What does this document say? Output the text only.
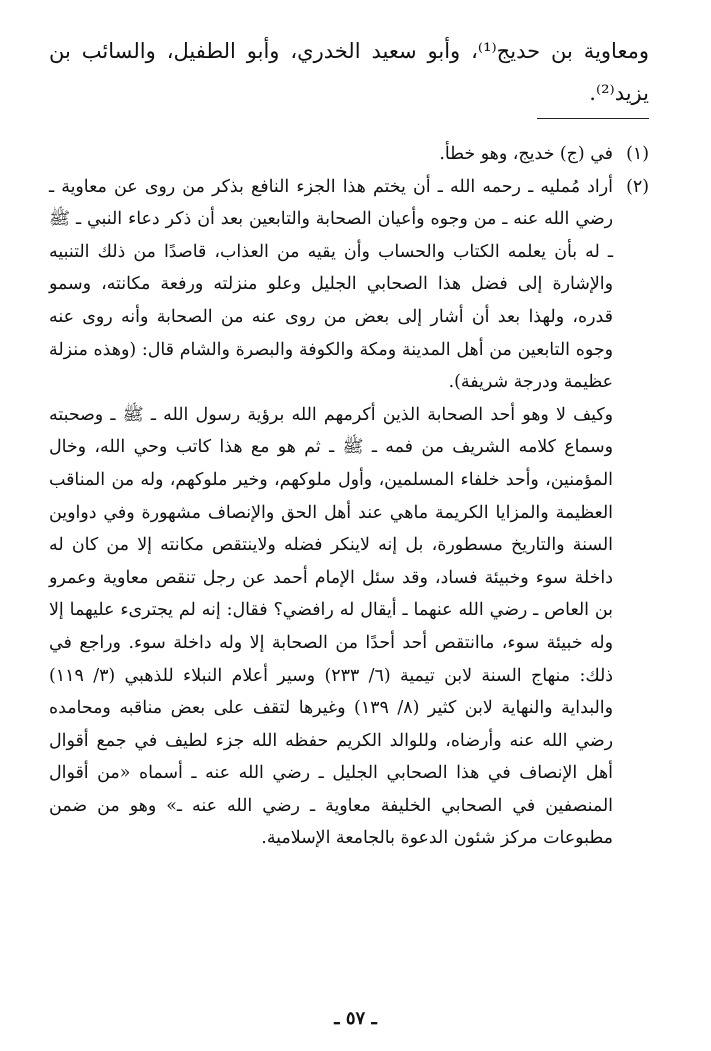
ومعاوية بن حديج⁽¹⁾، وأبو سعيد الخدري، وأبو الطفيل، والسائب بن يزيد⁽²⁾.

(١)

في (ج) خديج، وهو خطأ.

(٢)

أراد مُمليه ـ رحمه الله ـ أن يختم هذا الجزء النافع بذكر من روى عن معاوية ـ رضي الله عنه ـ من وجوه وأعيان الصحابة والتابعين بعد أن ذكر دعاء النبي ـ ﷺ ـ له بأن يعلمه الكتاب والحساب وأن يقيه من العذاب، قاصدًا من ذلك التنبيه والإشارة إلى فضل هذا الصحابي الجليل وعلو منزلته ورفعة مكانته، وسمو قدره، ولهذا بعد أن أشار إلى بعض من روى عنه من الصحابة وأنه روى عنه وجوه التابعين من أهل المدينة ومكة والكوفة والبصرة والشام قال: (وهذه منزلة عظيمة ودرجة شريفة).

وكيف لا وهو أحد الصحابة الذين أكرمهم الله برؤية رسول الله ـ ﷺ ـ وصحبته وسماع كلامه الشريف من فمه ـ ﷺ ـ ثم هو مع هذا كاتب وحي الله، وخال المؤمنين، وأحد خلفاء المسلمين، وأول ملوكهم، وخير ملوكهم، وله من المناقب العظيمة والمزايا الكريمة ماهي عند أهل الحق والإنصاف مشهورة وفي دواوين السنة والتاريخ مسطورة، بل إنه لاينكر فضله ولاينتقص مكانته إلا من كان له داخلة سوء وخبيئة فساد، وقد سئل الإمام أحمد عن رجل تنقص معاوية وعمرو بن العاص ـ رضي الله عنهما ـ أيقال له رافضي؟ فقال: إنه لم يجترىء عليهما إلا وله خبيئة سوء، ماانتقص أحد أحدًا من الصحابة إلا وله داخلة سوء. وراجع في ذلك: منهاج السنة لابن تيمية (٦/ ٢٣٣) وسير أعلام النبلاء للذهبي (٣/ ١١٩) والبداية والنهاية لابن كثير (٨/ ١٣٩) وغيرها لتقف على بعض مناقبه ومحامده رضي الله عنه وأرضاه، وللوالد الكريم حفظه الله جزء لطيف في جمع أقوال أهل الإنصاف في هذا الصحابي الجليل ـ رضي الله عنه ـ أسماه «من أقوال المنصفين في الصحابي الخليفة معاوية ـ رضي الله عنه ـ» وهو من ضمن مطبوعات مركز شئون الدعوة بالجامعة الإسلامية.

ـ ٥٧ ـ
